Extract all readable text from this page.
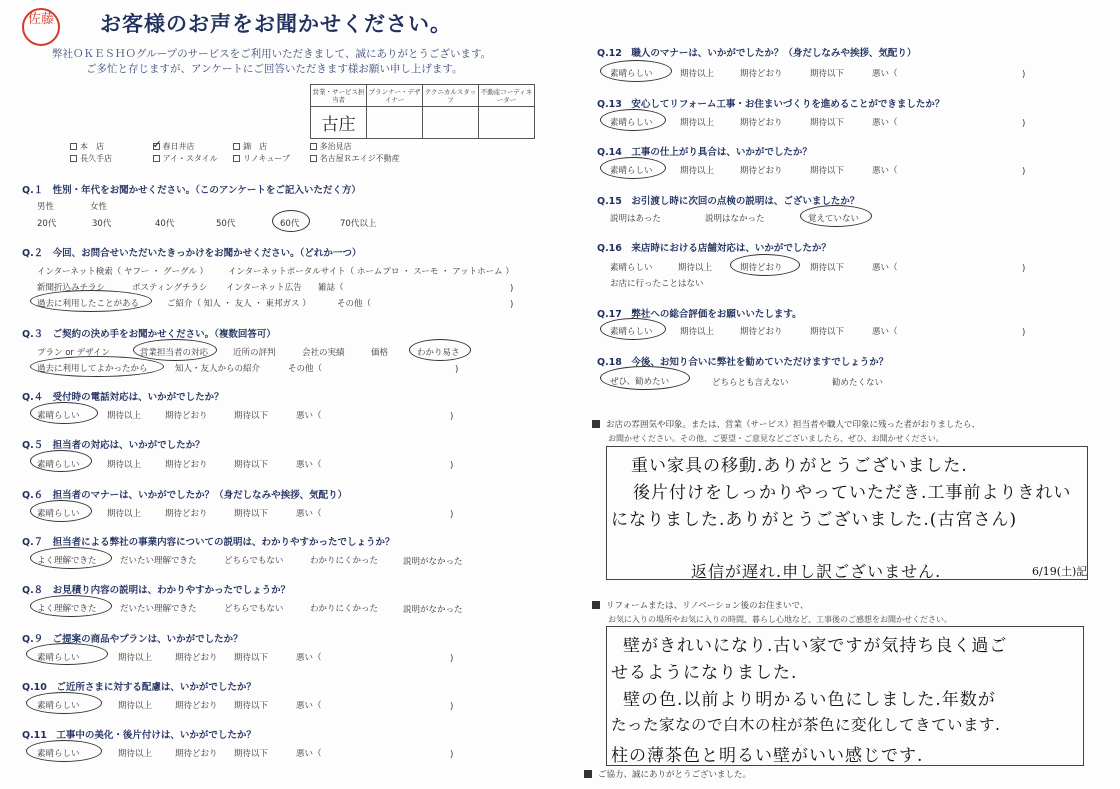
佐藤 お客様のお声をお聞かせください。
弊社ＯＫＥＳＨＯグループのサービスをご利用いただきまして、誠にありがとうございます。
ご多忙と存じますが、アンケートにご回答いただきます様お願い申し上げます。
営業・サービス担当者	プランナー・デザイナー	テクニカルスタッフ	不動産コーディネーター
古庄			
本　店	✓ 春日井店	錦　店	多治見店
長久手店	アイ・スタイル	リノキューブ	名古屋Ｒエイジ不動産
Q.１　性別・年代をお聞かせください。（このアンケートをご記入いただく方）
男性	女性
20代	30代	40代	50代	60代	70代以上
Q.２　今回、お問合せいただいたきっかけをお聞かせください。（どれか一つ）
インターネット検索（ ヤフー ・ グーグル ） インターネットポータルサイト（ ホームプロ ・ スーモ ・ アットホーム ）
新聞折込みチラシ	ポスティングチラシ インターネット広告 雑誌（	)
過去に利用したことがある	ご紹介（ 知人 ・ 友人 ・ 東邦ガス ）	その他（	)
Q.３　ご契約の決め手をお聞かせください。（複数回答可）
プラン or デザイン	営業担当者の対応	近所の評判	会社の実績	価格	わかり易さ
過去に利用してよかったから	知人・友人からの紹介	その他（	)
Q.４　受付時の電話対応は、いかがでしたか？
素晴らしい	期待以上	期待どおり	期待以下	悪い（	)
Q.５　担当者の対応は、いかがでしたか？
素晴らしい	期待以上	期待どおり	期待以下	悪い（	)
Q.６　担当者のマナーは、いかがでしたか？（身だしなみや挨拶、気配り）
素晴らしい	期待以上	期待どおり	期待以下	悪い（	)
Q.７　担当者による弊社の事業内容についての説明は、わかりやすかったでしょうか？
よく理解できた	だいたい理解できた	どちらでもない	わかりにくかった	説明がなかった
Q.８　お見積り内容の説明は、わかりやすかったでしょうか？
よく理解できた	だいたい理解できた	どちらでもない	わかりにくかった	説明がなかった
Q.９　ご提案の商品やプランは、いかがでしたか？
素晴らしい	期待以上	期待どおり 期待以下	悪い（	)
Q.10　ご近所さまに対する配慮は、いかがでしたか？
素晴らしい	期待以上	期待どおり 期待以下	悪い（	)
Q.11　工事中の美化・後片付けは、いかがでしたか？
素晴らしい	期待以上	期待どおり 期待以下	悪い（	)
Q.12　職人のマナーは、いかがでしたか？（身だしなみや挨拶、気配り）
素晴らしい	期待以上	期待どおり	期待以下	悪い（	)
Q.13　安心してリフォーム工事・お住まいづくりを進めることができましたか？
素晴らしい	期待以上	期待どおり	期待以下	悪い（	)
Q.14　工事の仕上がり具合は、いかがでしたか？
素晴らしい	期待以上	期待どおり	期待以下	悪い（	)
Q.15　お引渡し時に次回の点検の説明は、ございましたか？
説明はあった	説明はなかった	覚えていない
Q.16　来店時における店舗対応は、いかがでしたか？
素晴らしい	期待以上	期待どおり	期待以下	悪い（	)
お店に行ったことはない
Q.17　弊社への総合評価をお願いいたします。
素晴らしい	期待以上	期待どおり	期待以下	悪い（	)
Q.18　今後、お知り合いに弊社を勧めていただけますでしょうか？
ぜひ、勧めたい	どちらとも言えない	勧めたくない
お店の雰囲気や印象。または、営業（サービス）担当者や職人で印象に残った者がおりましたら、
お聞かせください。その他、ご要望・ご意見などございましたら、ぜひ、お聞かせください。
重い家具の移動.ありがとうございました.
後片付けをしっかりやっていただき.工事前よりきれい
になりました.ありがとうございました.(古宮さん)
返信が遅れ.申し訳ございません.	6/19(土)記
リフォームまたは、リノベーション後のお住まいで、
お気に入りの場所やお気に入りの時間、暮らし心地など、工事後のご感想をお聞かせください。
壁がきれいになり.古い家ですが気持ち良く過ご
せるようになりました.
壁の色.以前より明かるい色にしました.年数が
たった家なので白木の柱が茶色に変化してきています.
柱の薄茶色と明るい壁がいい感じです.
ご協力、誠にありがとうございました。
